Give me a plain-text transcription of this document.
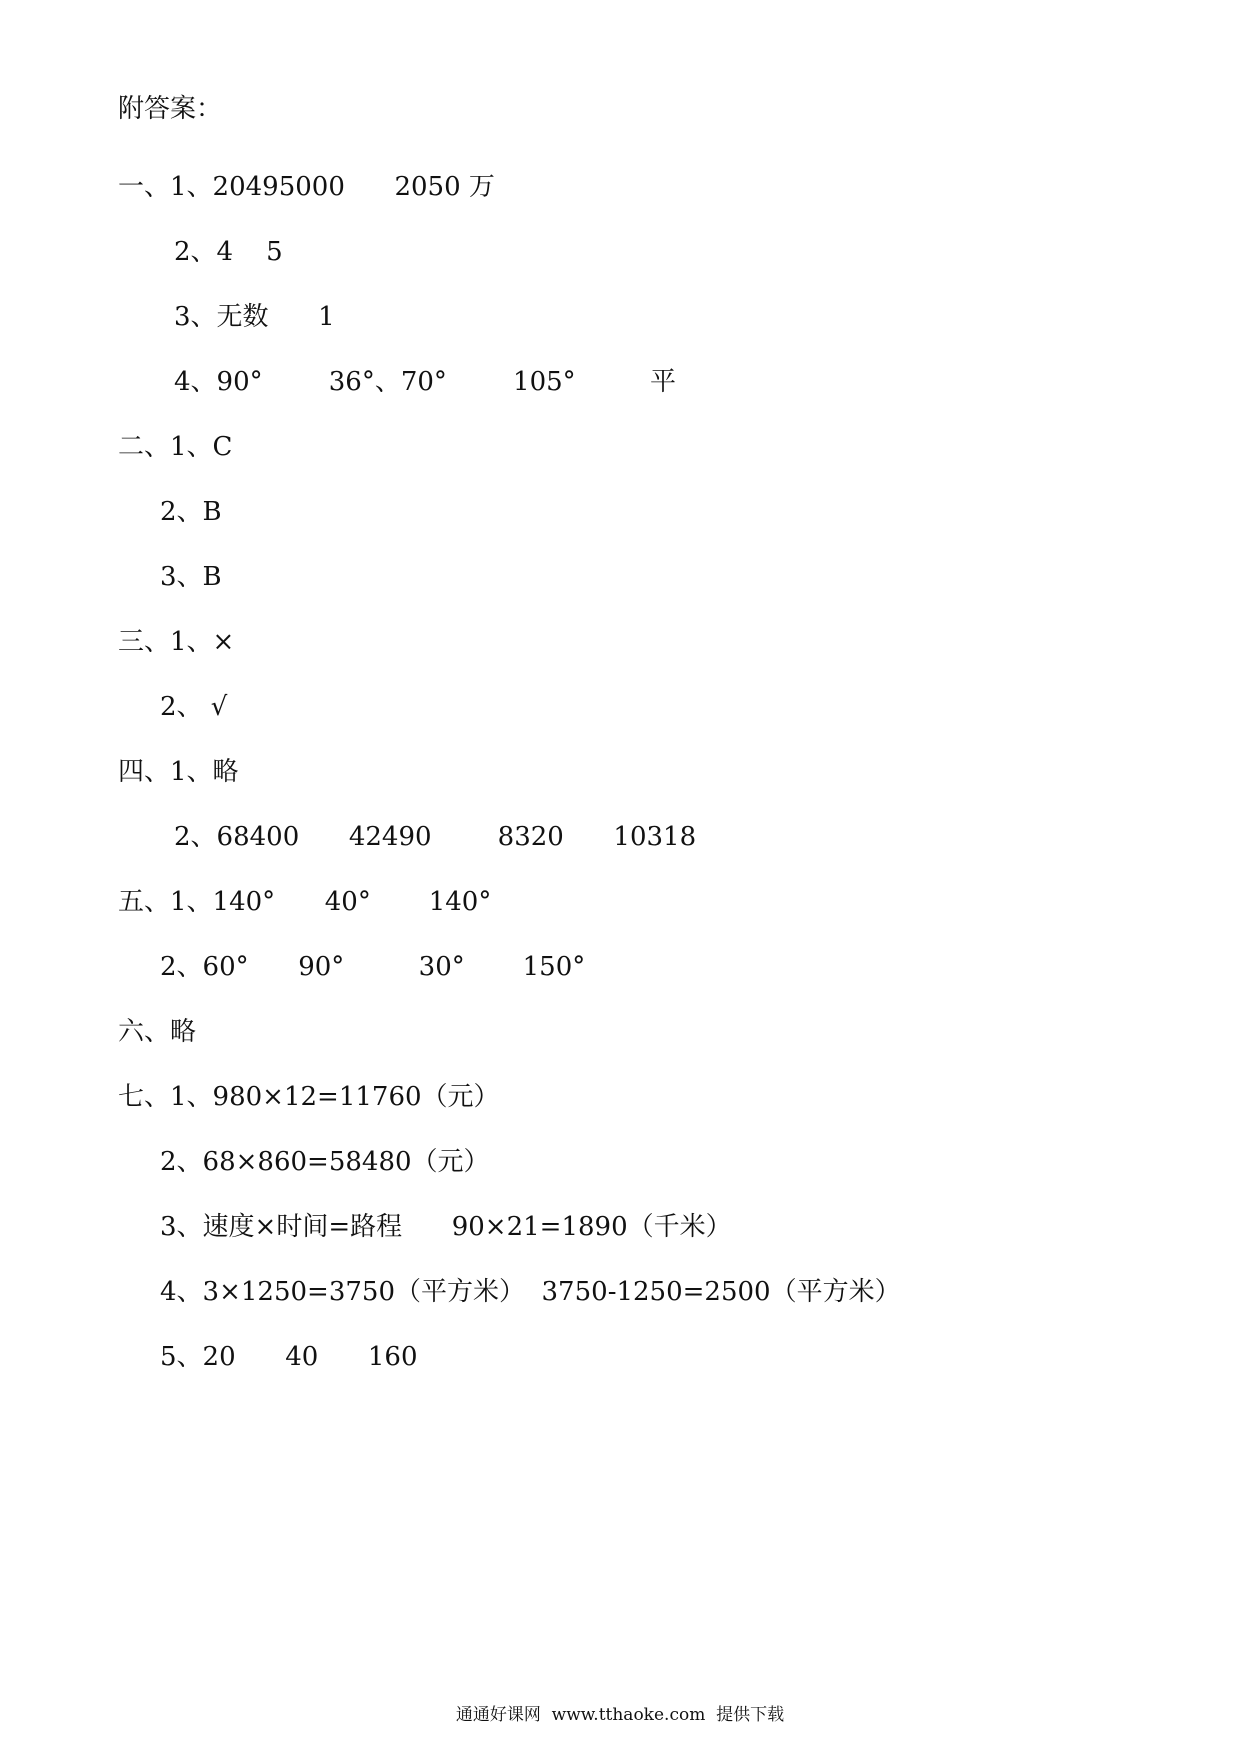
附答案：
一、1、20495000      2050 万
2、4    5
3、无数      1
4、90°        36°、70°        105°         平
二、1、C
2、B
3、B
三、1、×
2、 √
四、1、略
2、68400      42490        8320      10318
五、1、140°      40°       140°
2、60°      90°         30°       150°
六、略
七、1、980×12=11760（元）
2、68×860=58480（元）
3、速度×时间=路程      90×21=1890（千米）
4、3×1250=3750（平方米）  3750-1250=2500（平方米）
5、20      40      160
通通好课网 www.tthaoke.com 提供下载
